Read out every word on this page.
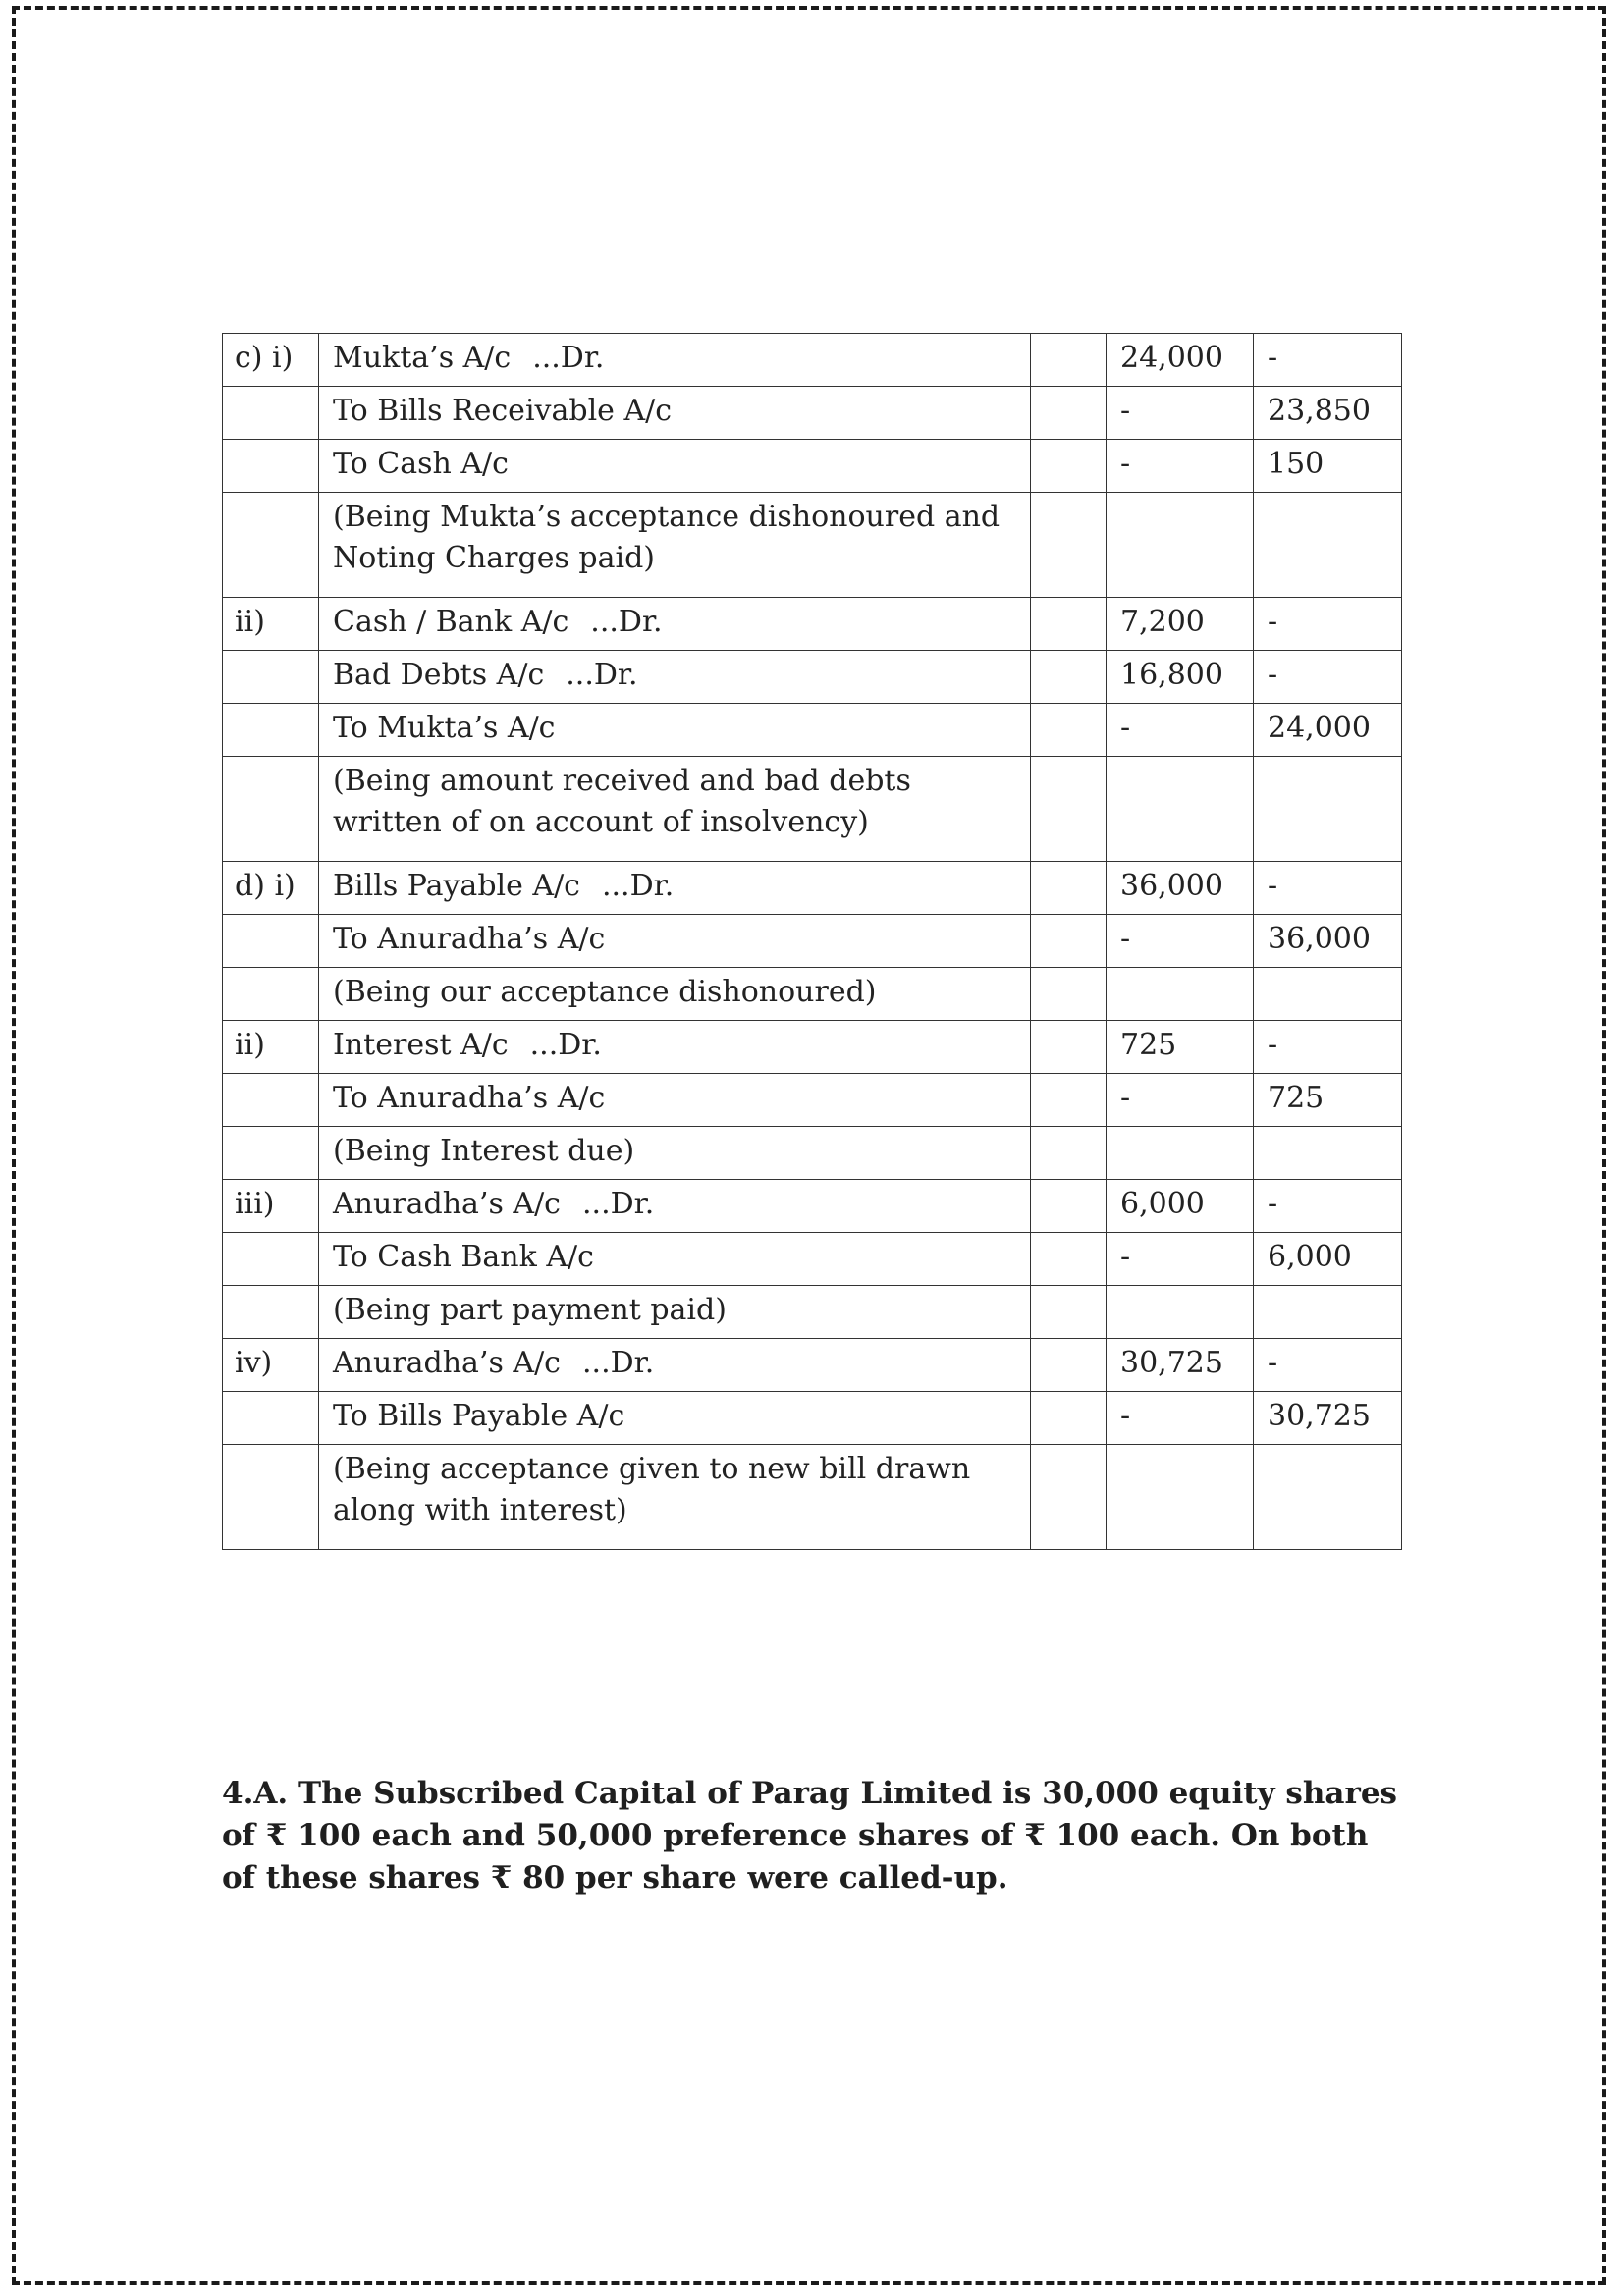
c) i)	Mukta’s A/c ...Dr.		24,000	-
	To Bills Receivable A/c		-	23,850
	To Cash A/c		-	150
	(Being Mukta’s acceptance dishonoured and Noting Charges paid)			
ii)	Cash / Bank A/c ...Dr.		7,200	-
	Bad Debts A/c ...Dr.		16,800	-
	To Mukta’s A/c		-	24,000
	(Being amount received and bad debts written of on account of insolvency)			
d) i)	Bills Payable A/c ...Dr.		36,000	-
	To Anuradha’s A/c		-	36,000
	(Being our acceptance dishonoured)			
ii)	Interest A/c ...Dr.		725	-
	To Anuradha’s A/c		-	725
	(Being Interest due)			
iii)	Anuradha’s A/c ...Dr.		6,000	-
	To Cash Bank A/c		-	6,000
	(Being part payment paid)			
iv)	Anuradha’s A/c ...Dr.		30,725	-
	To Bills Payable A/c		-	30,725
	(Being acceptance given to new bill drawn along with interest)			

4.A. The Subscribed Capital of Parag Limited is 30,000 equity shares of ₹ 100 each and 50,000 preference shares of ₹ 100 each. On both of these shares ₹ 80 per share were called-up.
